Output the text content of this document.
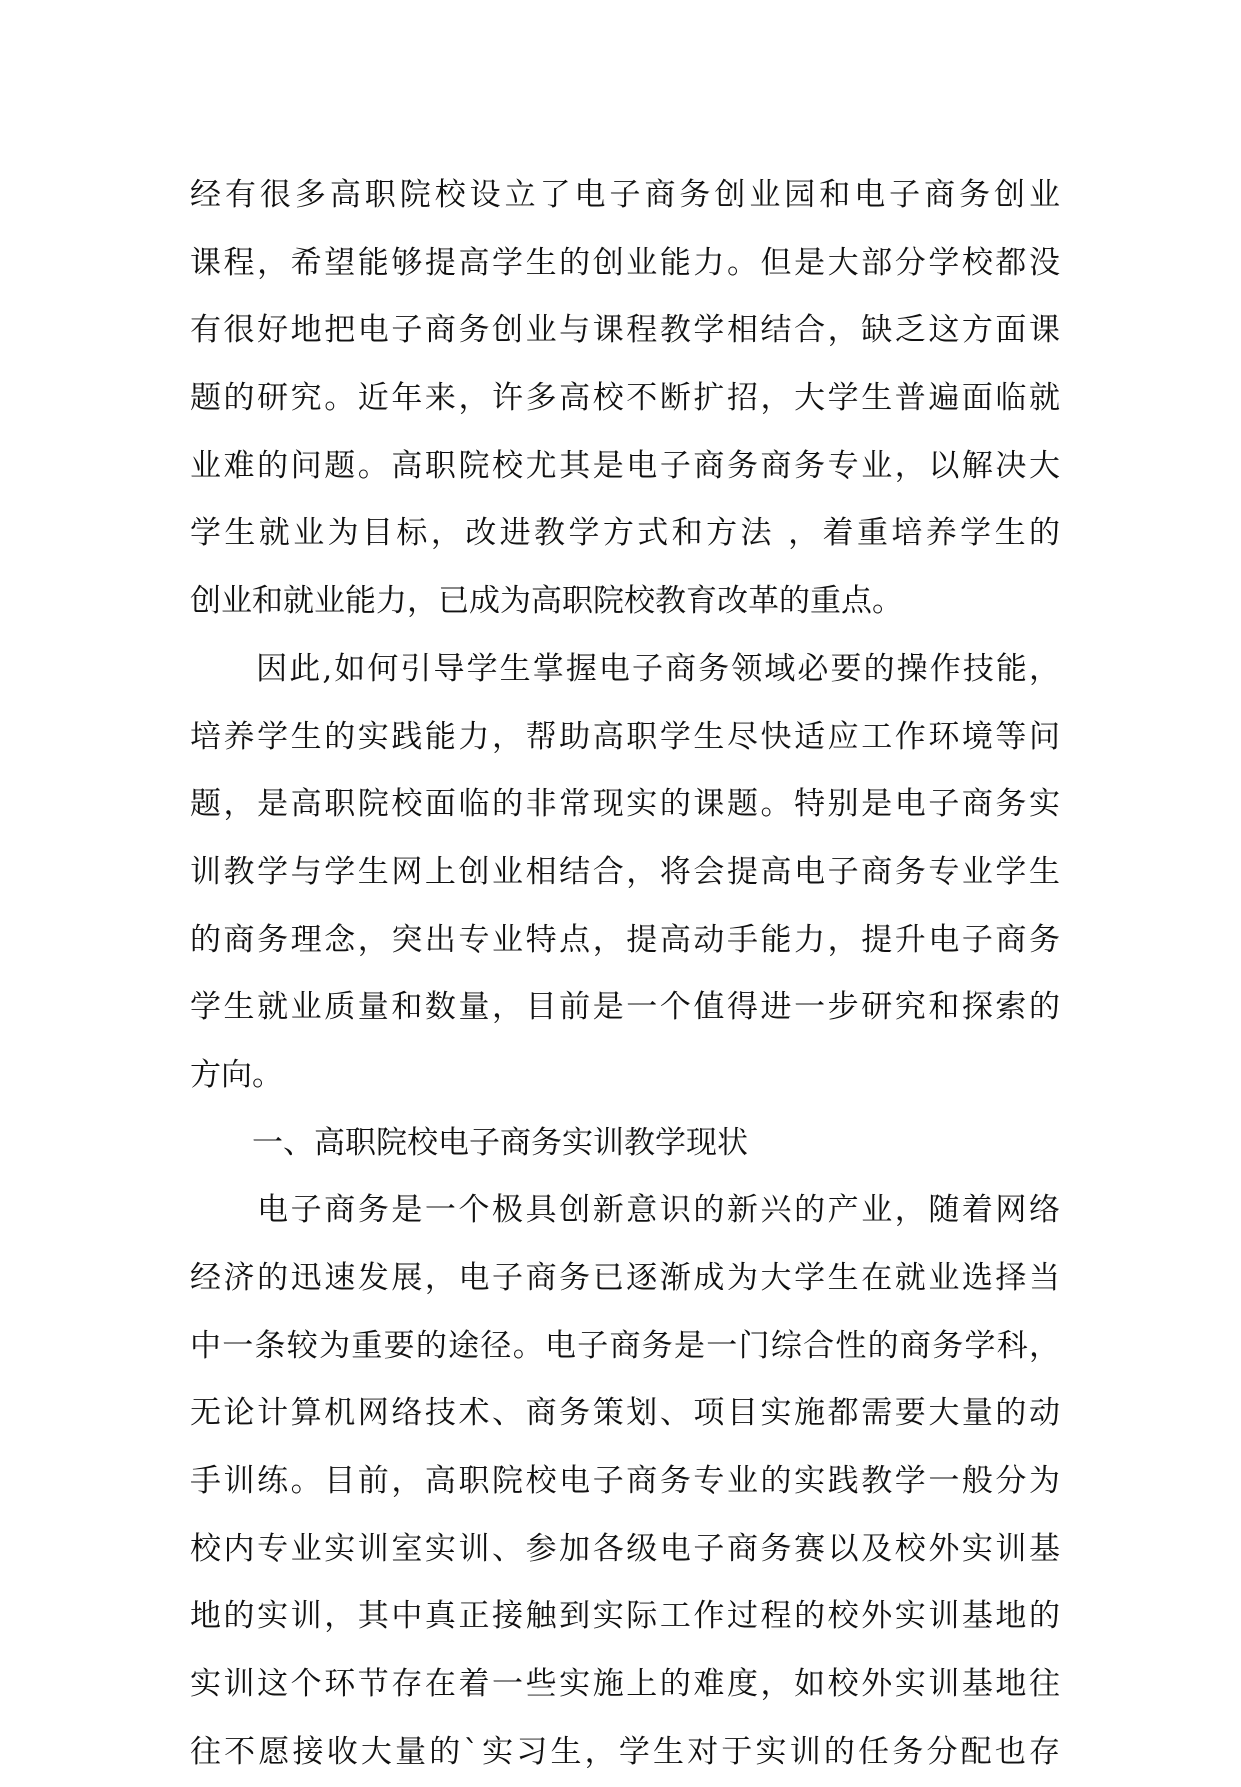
经有很多高职院校设立了电子商务创业园和电子商务创业
课程，希望能够提高学生的创业能力。但是大部分学校都没
有很好地把电子商务创业与课程教学相结合，缺乏这方面课
题的研究。近年来，许多高校不断扩招，大学生普遍面临就
业难的问题。高职院校尤其是电子商务商务专业，以解决大
学生就业为目标，改进教学方式和方法 ，着重培养学生的
创业和就业能力，已成为高职院校教育改革的重点。
　　因此,如何引导学生掌握电子商务领域必要的操作技能，
培养学生的实践能力，帮助高职学生尽快适应工作环境等问
题，是高职院校面临的非常现实的课题。特别是电子商务实
训教学与学生网上创业相结合，将会提高电子商务专业学生
的商务理念，突出专业特点，提高动手能力，提升电子商务
学生就业质量和数量，目前是一个值得进一步研究和探索的
方向。
　　一、高职院校电子商务实训教学现状
　　电子商务是一个极具创新意识的新兴的产业，随着网络
经济的迅速发展，电子商务已逐渐成为大学生在就业选择当
中一条较为重要的途径。电子商务是一门综合性的商务学科，
无论计算机网络技术、商务策划、项目实施都需要大量的动
手训练。目前，高职院校电子商务专业的实践教学一般分为
校内专业实训室实训、参加各级电子商务赛以及校外实训基
地的实训，其中真正接触到实际工作过程的校外实训基地的
实训这个环节存在着一些实施上的难度，如校外实训基地往
往不愿接收大量的`实习生，学生对于实训的任务分配也存
